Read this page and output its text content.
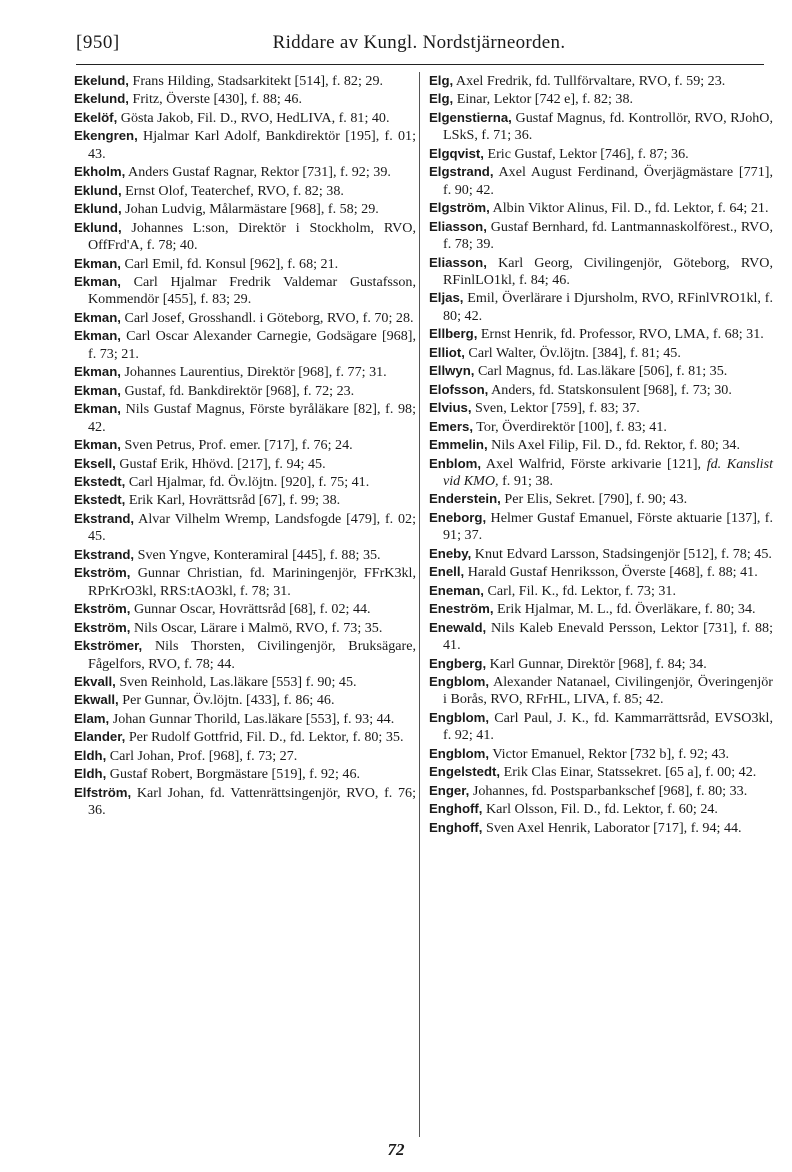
[950]	Riddare av Kungl. Nordstjärneorden.

Ekelund, Frans Hilding, Stadsarkitekt [514], f. 82; 29.

Ekelund, Fritz, Överste [430], f. 88; 46.

Ekelöf, Gösta Jakob, Fil. D., RVO, HedLIVA, f. 81; 40.

Ekengren, Hjalmar Karl Adolf, Bankdirektör [195], f. 01; 43.

Ekholm, Anders Gustaf Ragnar, Rektor [731], f. 92; 39.

Eklund, Ernst Olof, Teaterchef, RVO, f. 82; 38.

Eklund, Johan Ludvig, Målarmästare [968], f. 58; 29.

Eklund, Johannes L:son, Direktör i Stockholm, RVO, OffFrd'A, f. 78; 40.

Ekman, Carl Emil, fd. Konsul [962], f. 68; 21.

Ekman, Carl Hjalmar Fredrik Valdemar Gustafsson, Kommendör [455], f. 83; 29.

Ekman, Carl Josef, Grosshandl. i Göteborg, RVO, f. 70; 28.

Ekman, Carl Oscar Alexander Carnegie, Godsägare [968], f. 73; 21.

Ekman, Johannes Laurentius, Direktör [968], f. 77; 31.

Ekman, Gustaf, fd. Bankdirektör [968], f. 72; 23.

Ekman, Nils Gustaf Magnus, Förste byråläkare [82], f. 98; 42.

Ekman, Sven Petrus, Prof. emer. [717], f. 76; 24.

Eksell, Gustaf Erik, Hhövd. [217], f. 94; 45.

Ekstedt, Carl Hjalmar, fd. Öv.löjtn. [920], f. 75; 41.

Ekstedt, Erik Karl, Hovrättsråd [67], f. 99; 38.

Ekstrand, Alvar Vilhelm Wremp, Landsfogde [479], f. 02; 45.

Ekstrand, Sven Yngve, Konteramiral [445], f. 88; 35.

Ekström, Gunnar Christian, fd. Mariningenjör, FFrK3kl, RPrKrO3kl, RRS:tAO3kl, f. 78; 31.

Ekström, Gunnar Oscar, Hovrättsråd [68], f. 02; 44.

Ekström, Nils Oscar, Lärare i Malmö, RVO, f. 73; 35.

Ekströmer, Nils Thorsten, Civilingenjör, Bruksägare, Fågelfors, RVO, f. 78; 44.

Ekvall, Sven Reinhold, Las.läkare [553] f. 90; 45.

Ekwall, Per Gunnar, Öv.löjtn. [433], f. 86; 46.

Elam, Johan Gunnar Thorild, Las.läkare [553], f. 93; 44.

Elander, Per Rudolf Gottfrid, Fil. D., fd. Lektor, f. 80; 35.

Eldh, Carl Johan, Prof. [968], f. 73; 27.

Eldh, Gustaf Robert, Borgmästare [519], f. 92; 46.

Elfström, Karl Johan, fd. Vattenrättsingenjör, RVO, f. 76; 36.

Elg, Axel Fredrik, fd. Tullförvaltare, RVO, f. 59; 23.

Elg, Einar, Lektor [742 e], f. 82; 38.

Elgenstierna, Gustaf Magnus, fd. Kontrollör, RVO, RJohO, LSkS, f. 71; 36.

Elgqvist, Eric Gustaf, Lektor [746], f. 87; 36.

Elgstrand, Axel August Ferdinand, Överjägmästare [771], f. 90; 42.

Elgström, Albin Viktor Alinus, Fil. D., fd. Lektor, f. 64; 21.

Eliasson, Gustaf Bernhard, fd. Lantmannaskolförest., RVO, f. 78; 39.

Eliasson, Karl Georg, Civilingenjör, Göteborg, RVO, RFinlLO1kl, f. 84; 46.

Eljas, Emil, Överlärare i Djursholm, RVO, RFinlVRO1kl, f. 80; 42.

Ellberg, Ernst Henrik, fd. Professor, RVO, LMA, f. 68; 31.

Elliot, Carl Walter, Öv.löjtn. [384], f. 81; 45.

Ellwyn, Carl Magnus, fd. Las.läkare [506], f. 81; 35.

Elofsson, Anders, fd. Statskonsulent [968], f. 73; 30.

Elvius, Sven, Lektor [759], f. 83; 37.

Emers, Tor, Överdirektör [100], f. 83; 41.

Emmelin, Nils Axel Filip, Fil. D., fd. Rektor, f. 80; 34.

Enblom, Axel Walfrid, Förste arkivarie [121], fd. Kanslist vid KMO, f. 91; 38.

Enderstein, Per Elis, Sekret. [790], f. 90; 43.

Eneborg, Helmer Gustaf Emanuel, Förste aktuarie [137], f. 91; 37.

Eneby, Knut Edvard Larsson, Stadsingenjör [512], f. 78; 45.

Enell, Harald Gustaf Henriksson, Överste [468], f. 88; 41.

Eneman, Carl, Fil. K., fd. Lektor, f. 73; 31.

Eneström, Erik Hjalmar, M. L., fd. Överläkare, f. 80; 34.

Enewald, Nils Kaleb Enevald Persson, Lektor [731], f. 88; 41.

Engberg, Karl Gunnar, Direktör [968], f. 84; 34.

Engblom, Alexander Natanael, Civilingenjör, Överingenjör i Borås, RVO, RFrHL, LIVA, f. 85; 42.

Engblom, Carl Paul, J. K., fd. Kammarrättsråd, EVSO3kl, f. 92; 41.

Engblom, Victor Emanuel, Rektor [732 b], f. 92; 43.

Engelstedt, Erik Clas Einar, Statssekret. [65 a], f. 00; 42.

Enger, Johannes, fd. Postsparbankschef [968], f. 80; 33.

Enghoff, Karl Olsson, Fil. D., fd. Lektor, f. 60; 24.

Enghoff, Sven Axel Henrik, Laborator [717], f. 94; 44.

72
